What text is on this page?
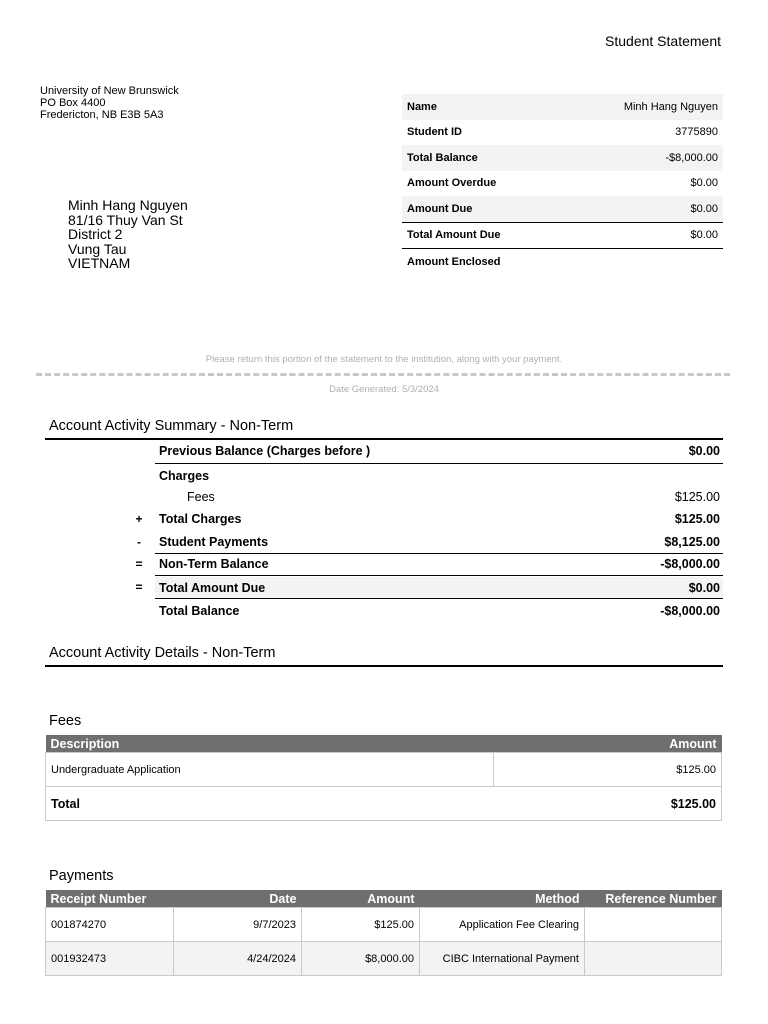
Student Statement
University of New Brunswick
PO Box 4400
Fredericton, NB E3B 5A3
Name	Minh Hang Nguyen
Student ID	3775890
Total Balance	-$8,000.00
Amount Overdue	$0.00
Amount Due	$0.00
Total Amount Due	$0.00
Amount Enclosed	
Minh Hang Nguyen
81/16 Thuy Van St
District 2
Vung Tau
VIETNAM
Please return this portion of the statement to the institution, along with your payment.
Date Generated: 5/3/2024
Account Activity Summary - Non-Term
Previous Balance (Charges before )	$0.00
Charges
Fees	$125.00
+	Total Charges	$125.00
-	Student Payments	$8,125.00
=	Non-Term Balance	-$8,000.00
=	Total Amount Due	$0.00
Total Balance	-$8,000.00
Account Activity Details - Non-Term
Fees
Description	Amount
Undergraduate Application	$125.00
Total	$125.00
Payments
Receipt Number	Date	Amount	Method	Reference Number
001874270	9/7/2023	$125.00	Application Fee Clearing	
001932473	4/24/2024	$8,000.00	CIBC International Payment	
